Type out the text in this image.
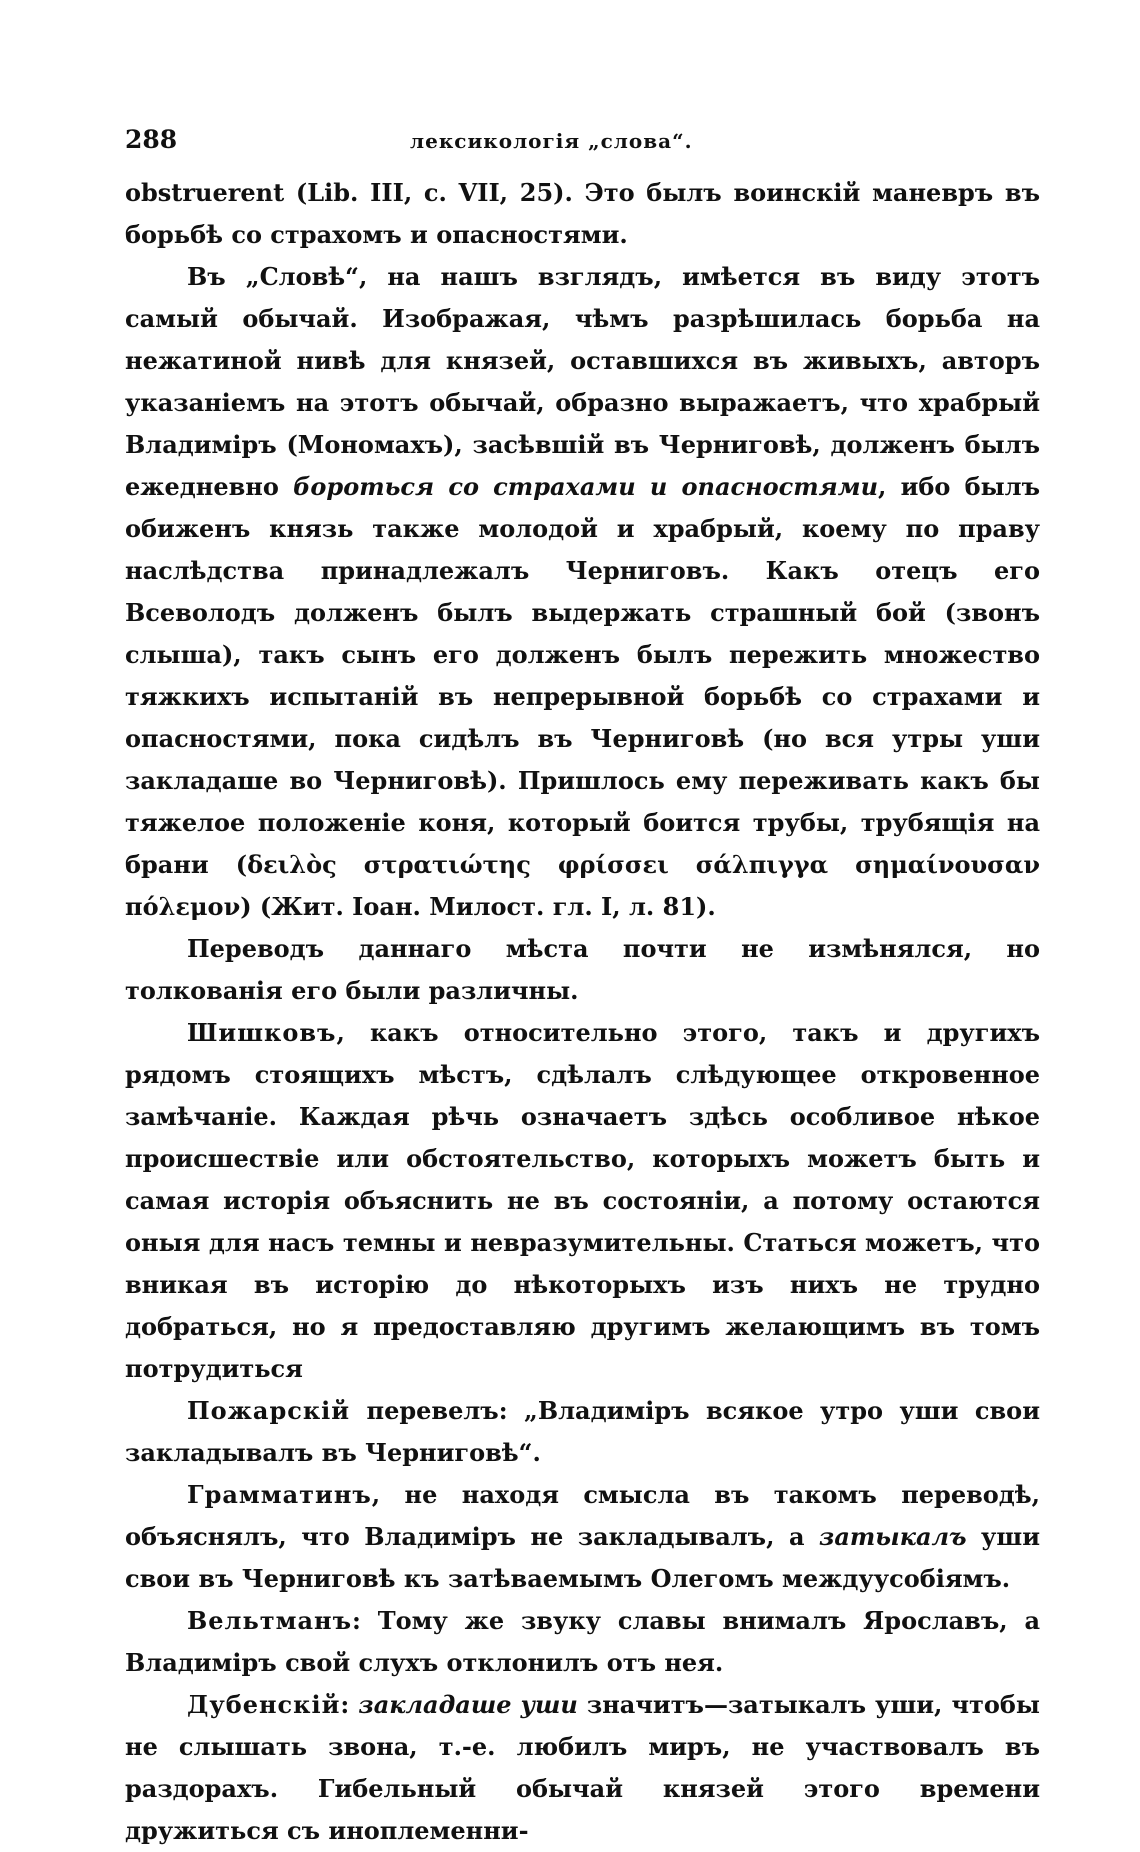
288	лексикологія „слова“.

obstruerent (Lib. III, c. VII, 25). Это былъ воинскій маневръ въ борьбѣ со страхомъ и опасностями.

Въ „Словѣ“, на нашъ взглядъ, имѣется въ виду этотъ самый обычай. Изображая, чѣмъ разрѣшилась борьба на нежатиной нивѣ для князей, оставшихся въ живыхъ, авторъ указаніемъ на этотъ обычай, образно выражаетъ, что храбрый Владиміръ (Мономахъ), засѣвшій въ Черниговѣ, долженъ былъ ежедневно бороться со страхами и опасностями, ибо былъ обиженъ князь также молодой и храбрый, коему по праву наслѣдства принадлежалъ Черниговъ. Какъ отецъ его Всеволодъ долженъ былъ выдержать страшный бой (звонъ слыша), такъ сынъ его долженъ былъ пережить множество тяжкихъ испытаній въ непрерывной борьбѣ со страхами и опасностями, пока сидѣлъ въ Черниговѣ (но вся утры уши закладаше во Черниговѣ). Пришлось ему переживать какъ бы тяжелое положеніе коня, который боится трубы, трубящія на брани (δειλὸς στρατιώτης φρίσσει σάλπιγγα σημαίνουσαν πόλεμον) (Жит. Іоан. Милост. гл. I, л. 81).

Переводъ даннаго мѣста почти не измѣнялся, но толкованія его были различны.

Шишковъ, какъ относительно этого, такъ и другихъ рядомъ стоящихъ мѣстъ, сдѣлалъ слѣдующее откровенное замѣчаніе. Каждая рѣчь означаетъ здѣсь особливое нѣкое происшествіе или обстоятельство, которыхъ можетъ быть и самая исторія объяснить не въ состояніи, а потому остаются оныя для насъ темны и невразумительны. Статься можетъ, что вникая въ исторію до нѣкоторыхъ изъ нихъ не трудно добраться, но я предоставляю другимъ желающимъ въ томъ потрудиться

Пожарскій перевелъ: „Владиміръ всякое утро уши свои закладывалъ въ Черниговѣ“.

Грамматинъ, не находя смысла въ такомъ переводѣ, объяснялъ, что Владиміръ не закладывалъ, а затыкалъ уши свои въ Черниговѣ къ затѣваемымъ Олегомъ междуусобіямъ.

Вельтманъ: Тому же звуку славы внималъ Ярославъ, а Владиміръ свой слухъ отклонилъ отъ нея.

Дубенскій: закладаше уши значитъ—затыкалъ уши, чтобы не слышать звона, т.-е. любилъ миръ, не участвовалъ въ раздорахъ. Гибельный обычай князей этого времени дружиться съ иноплеменни-
